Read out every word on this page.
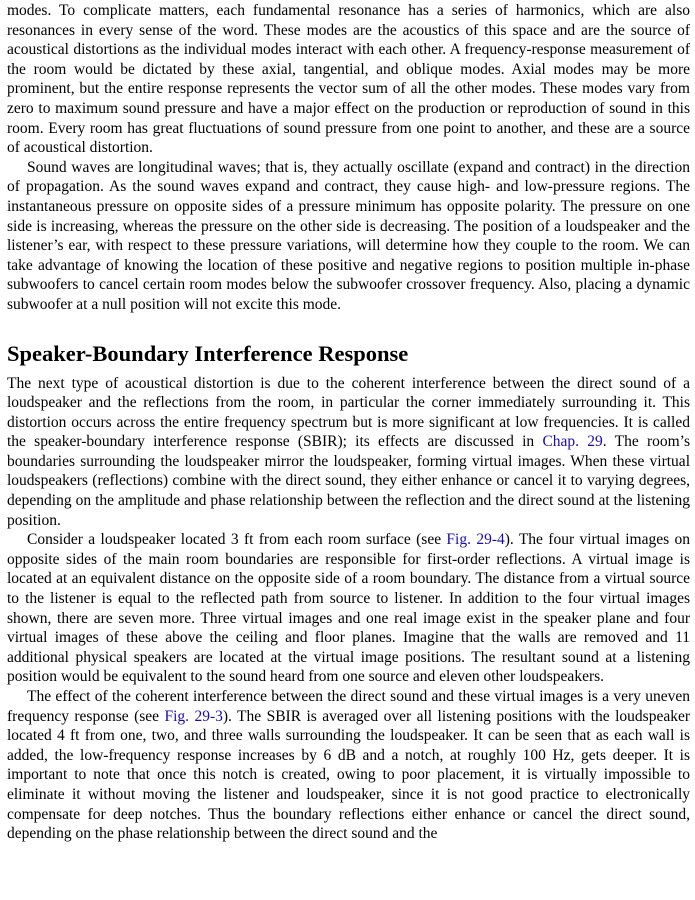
modes. To complicate matters, each fundamental resonance has a series of harmonics, which are also resonances in every sense of the word. These modes are the acoustics of this space and are the source of acoustical distortions as the individual modes interact with each other. A frequency-response measurement of the room would be dictated by these axial, tangential, and oblique modes. Axial modes may be more prominent, but the entire response represents the vector sum of all the other modes. These modes vary from zero to maximum sound pressure and have a major effect on the production or reproduction of sound in this room. Every room has great fluctuations of sound pressure from one point to another, and these are a source of acoustical distortion.

Sound waves are longitudinal waves; that is, they actually oscillate (expand and contract) in the direction of propagation. As the sound waves expand and contract, they cause high- and low-pressure regions. The instantaneous pressure on opposite sides of a pressure minimum has opposite polarity. The pressure on one side is increasing, whereas the pressure on the other side is decreasing. The position of a loudspeaker and the listener’s ear, with respect to these pressure variations, will determine how they couple to the room. We can take advantage of knowing the location of these positive and negative regions to position multiple in-phase subwoofers to cancel certain room modes below the subwoofer crossover frequency. Also, placing a dynamic subwoofer at a null position will not excite this mode.

Speaker-Boundary Interference Response

The next type of acoustical distortion is due to the coherent interference between the direct sound of a loudspeaker and the reflections from the room, in particular the corner immediately surrounding it. This distortion occurs across the entire frequency spectrum but is more significant at low frequencies. It is called the speaker-boundary interference response (SBIR); its effects are discussed in Chap. 29. The room’s boundaries surrounding the loudspeaker mirror the loudspeaker, forming virtual images. When these virtual loudspeakers (reflections) combine with the direct sound, they either enhance or cancel it to varying degrees, depending on the amplitude and phase relationship between the reflection and the direct sound at the listening position.

Consider a loudspeaker located 3 ft from each room surface (see Fig. 29-4). The four virtual images on opposite sides of the main room boundaries are responsible for first-order reflections. A virtual image is located at an equivalent distance on the opposite side of a room boundary. The distance from a virtual source to the listener is equal to the reflected path from source to listener. In addition to the four virtual images shown, there are seven more. Three virtual images and one real image exist in the speaker plane and four virtual images of these above the ceiling and floor planes. Imagine that the walls are removed and 11 additional physical speakers are located at the virtual image positions. The resultant sound at a listening position would be equivalent to the sound heard from one source and eleven other loudspeakers.

The effect of the coherent interference between the direct sound and these virtual images is a very uneven frequency response (see Fig. 29-3). The SBIR is averaged over all listening positions with the loudspeaker located 4 ft from one, two, and three walls surrounding the loudspeaker. It can be seen that as each wall is added, the low-frequency response increases by 6 dB and a notch, at roughly 100 Hz, gets deeper. It is important to note that once this notch is created, owing to poor placement, it is virtually impossible to eliminate it without moving the listener and loudspeaker, since it is not good practice to electronically compensate for deep notches. Thus the boundary reflections either enhance or cancel the direct sound, depending on the phase relationship between the direct sound and the
